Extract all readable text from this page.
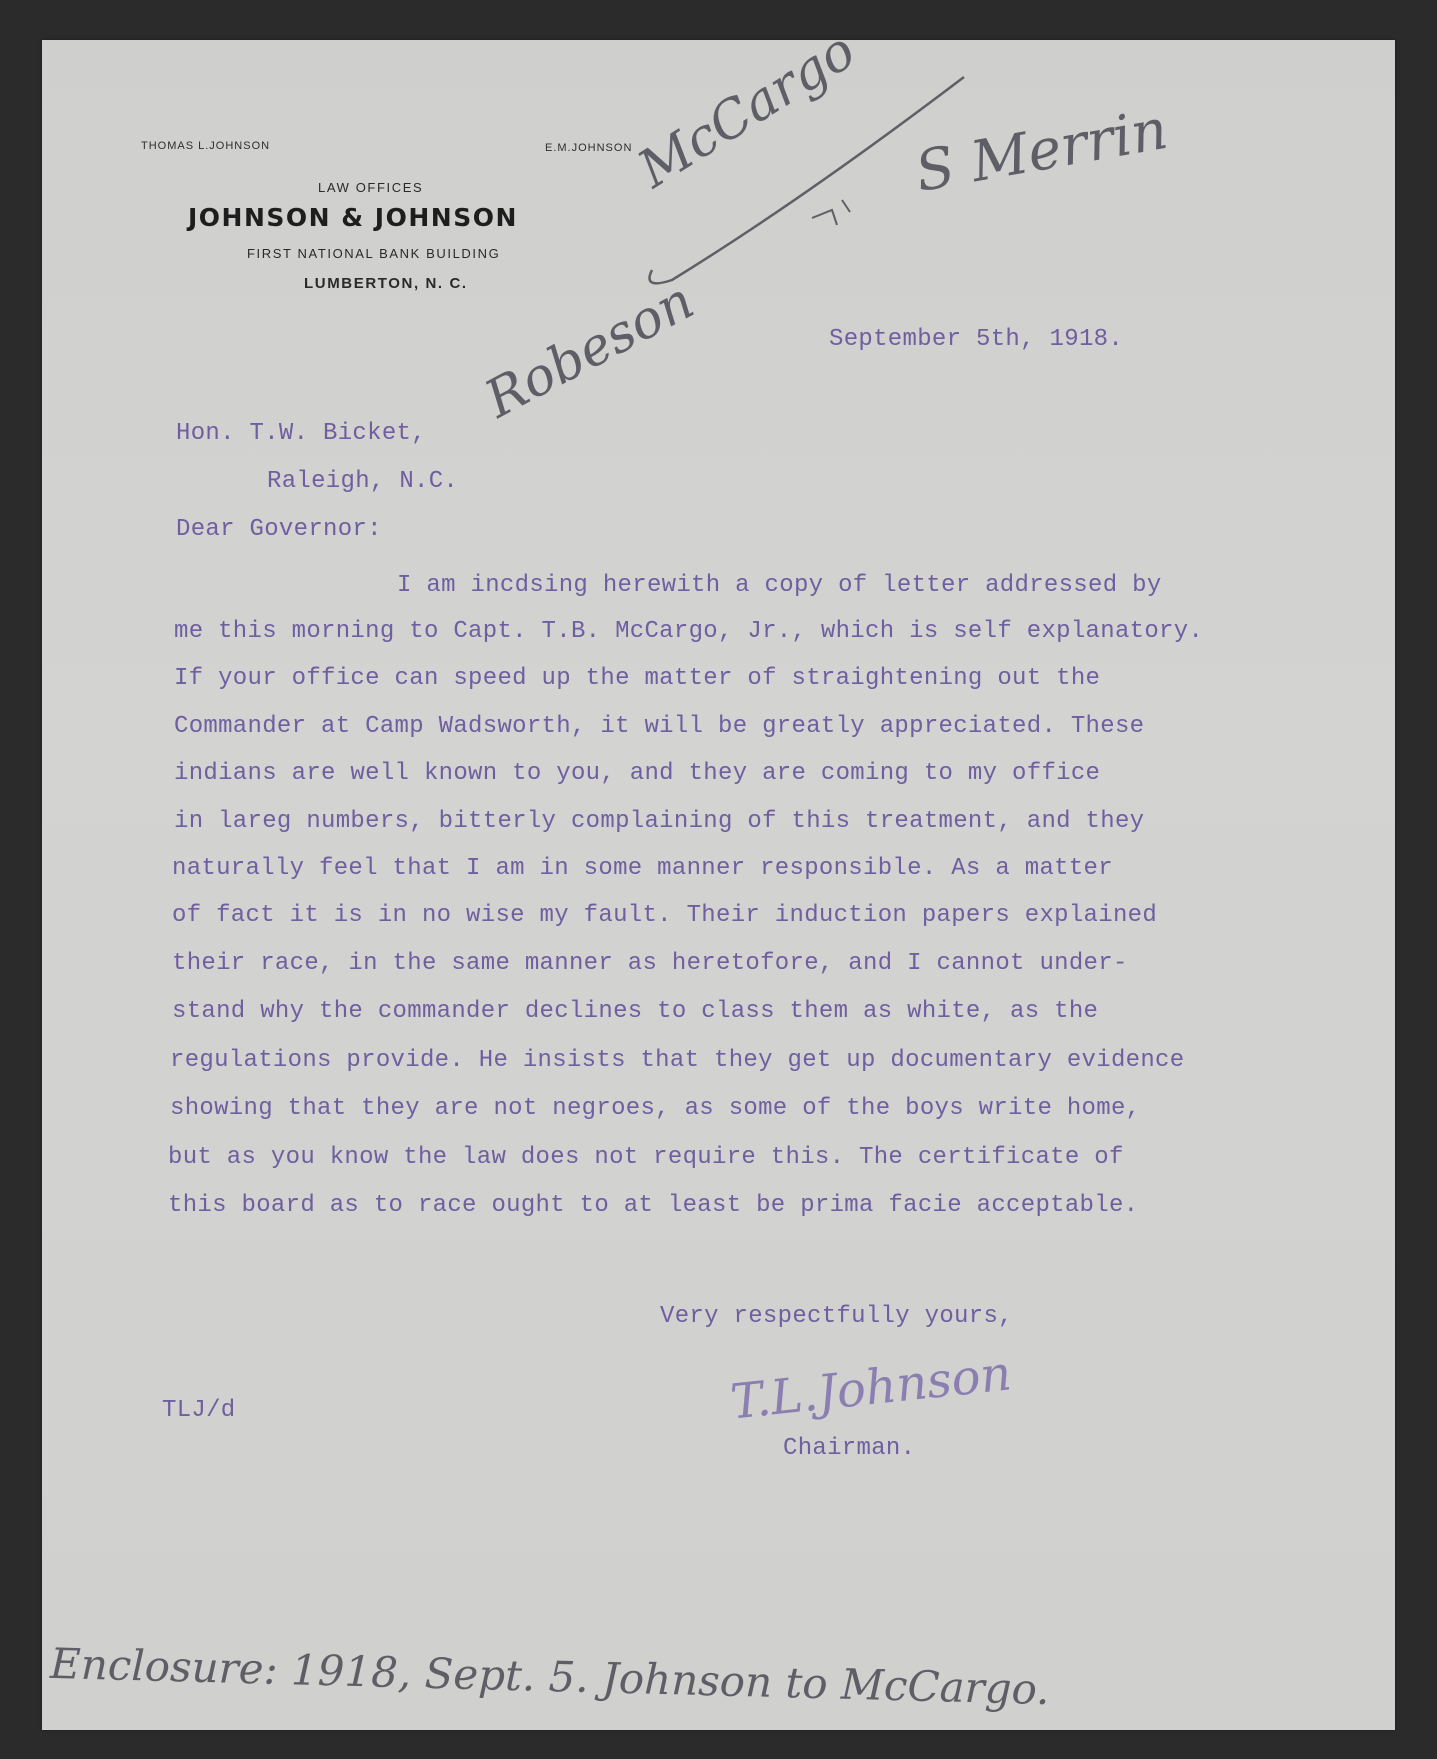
THOMAS L.JOHNSON	E.M.JOHNSON
LAW OFFICES
JOHNSON & JOHNSON
FIRST NATIONAL BANK BUILDING
LUMBERTON, N. C.
McCargo S Merrin
Robeson	September 5th, 1918.
Hon. T.W. Bicket,
Raleigh, N.C.
Dear Governor:
I am incdsing herewith a copy of letter addressed by
me this morning to Capt. T.B. McCargo, Jr., which is self explanatory.
If your office can speed up the matter of straightening out the
Commander at Camp Wadsworth, it will be greatly appreciated. These
indians are well known to you, and they are coming to my office
in lareg numbers, bitterly complaining of this treatment, and they
naturally feel that I am in some manner responsible. As a matter
of fact it is in no wise my fault. Their induction papers explained
their race, in the same manner as heretofore, and I cannot under-
stand why the commander declines to class them as white, as the
regulations provide. He insists that they get up documentary evidence
showing that they are not negroes, as some of the boys write home,
but as you know the law does not require this. The certificate of
this board as to race ought to at least be prima facie acceptable.
Very respectfully yours,
T.L.Johnson
Chairman.
TLJ/d
Enclosure: 1918, Sept. 5. Johnson to McCargo.
